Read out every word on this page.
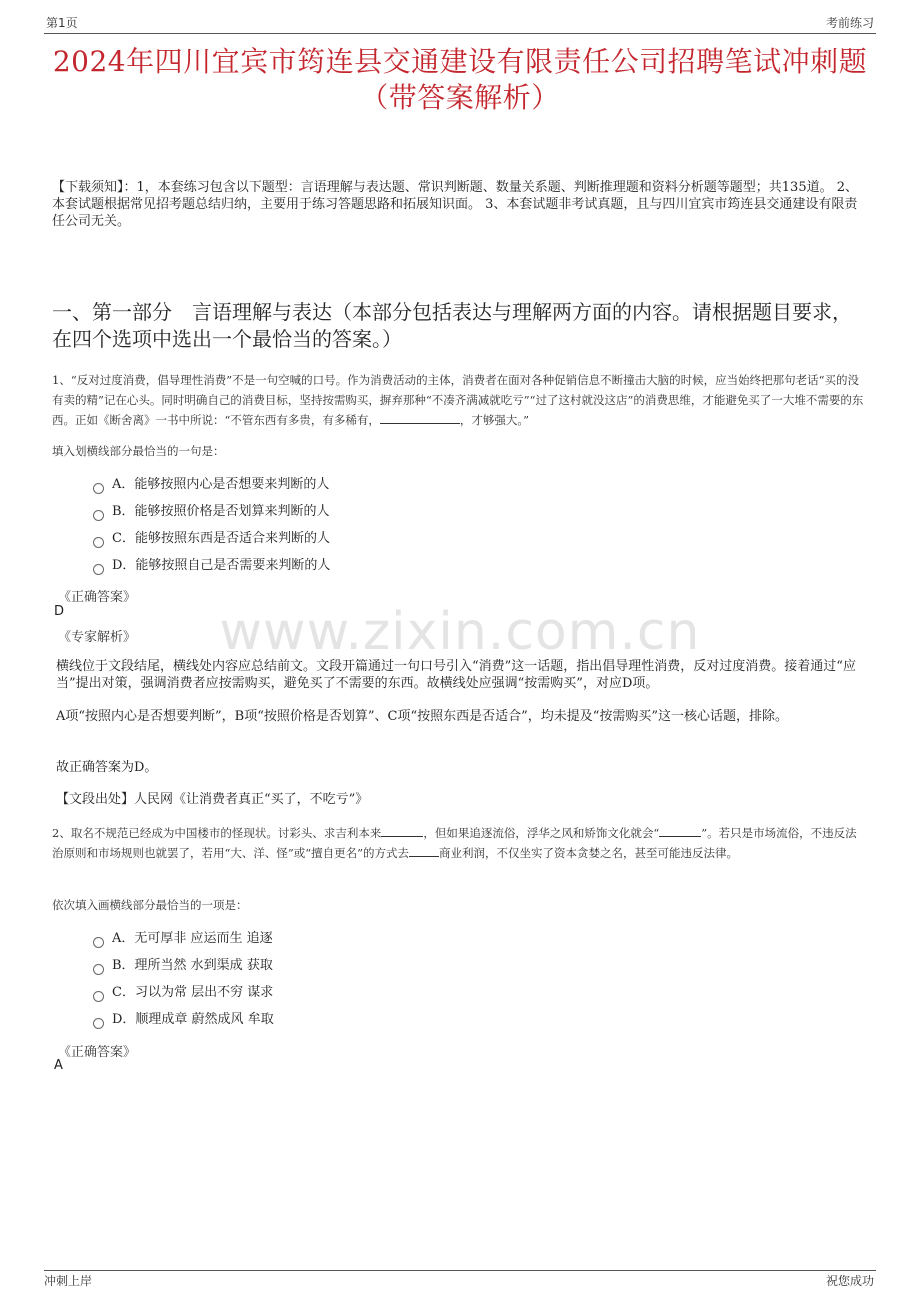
第1页	考前练习
2024年四川宜宾市筠连县交通建设有限责任公司招聘笔试冲刺题（带答案解析）
【下载须知】：1，本套练习包含以下题型：言语理解与表达题、常识判断题、数量关系题、判断推理题和资料分析题等题型；共135道。 2、本套试题根据常见招考题总结归纳，主要用于练习答题思路和拓展知识面。 3、本套试题非考试真题，且与四川宜宾市筠连县交通建设有限责任公司无关。
一、第一部分　言语理解与表达（本部分包括表达与理解两方面的内容。请根据题目要求，在四个选项中选出一个最恰当的答案。）
www.zixin.com.cn
1、“反对过度消费，倡导理性消费”不是一句空喊的口号。作为消费活动的主体，消费者在面对各种促销信息不断撞击大脑的时候，应当始终把那句老话“买的没有卖的精”记在心头。同时明确自己的消费目标，坚持按需购买，摒弃那种“不凑齐满减就吃亏”“过了这村就没这店”的消费思维，才能避免买了一大堆不需要的东西。正如《断舍离》一书中所说：“不管东西有多贵，有多稀有，	，才够强大。”
填入划横线部分最恰当的一句是：
A．能够按照内心是否想要来判断的人
B．能够按照价格是否划算来判断的人
C．能够按照东西是否适合来判断的人
D．能够按照自己是否需要来判断的人
《正确答案》
D
《专家解析》
横线位于文段结尾，横线处内容应总结前文。文段开篇通过一句口号引入“消费”这一话题，指出倡导理性消费，反对过度消费。接着通过“应当”提出对策，强调消费者应按需购买，避免买了不需要的东西。故横线处应强调“按需购买”，对应D项。
A项“按照内心是否想要判断”，B项“按照价格是否划算”、C项“按照东西是否适合”，均未提及“按需购买”这一核心话题，排除。
故正确答案为D。
【文段出处】人民网《让消费者真正“买了，不吃亏”》
2、取名不规范已经成为中国楼市的怪现状。讨彩头、求吉利本来	，但如果追逐流俗，浮华之风和矫饰文化就会“	”。若只是市场流俗，不违反法治原则和市场规则也就罢了，若用“大、洋、怪”或“擅自更名”的方式去	商业利润，不仅坐实了资本贪婪之名，甚至可能违反法律。
依次填入画横线部分最恰当的一项是：
A．无可厚非 应运而生 追逐
B．理所当然 水到渠成 获取
C．习以为常 层出不穷 谋求
D．顺理成章 蔚然成风 牟取
《正确答案》
A
冲刺上岸	祝您成功
